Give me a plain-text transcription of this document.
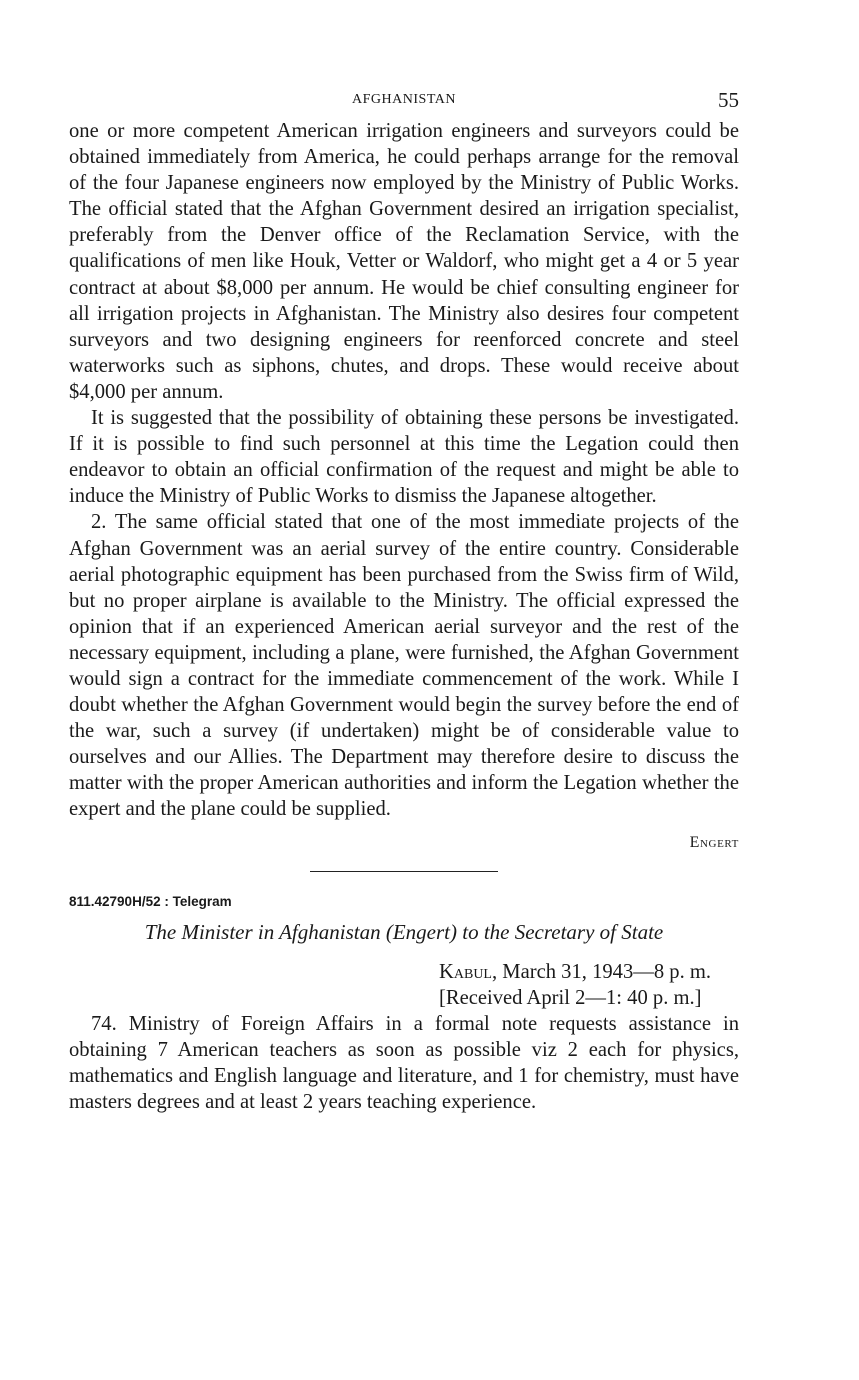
AFGHANISTAN	55

one or more competent American irrigation engineers and surveyors could be obtained immediately from America, he could perhaps arrange for the removal of the four Japanese engineers now employed by the Ministry of Public Works. The official stated that the Afghan Government desired an irrigation specialist, preferably from the Denver office of the Reclamation Service, with the qualifications of men like Houk, Vetter or Waldorf, who might get a 4 or 5 year contract at about $8,000 per annum. He would be chief consulting engineer for all irrigation projects in Afghanistan. The Ministry also desires four competent surveyors and two designing engineers for reenforced concrete and steel waterworks such as siphons, chutes, and drops. These would receive about $4,000 per annum.

It is suggested that the possibility of obtaining these persons be investigated. If it is possible to find such personnel at this time the Legation could then endeavor to obtain an official confirmation of the request and might be able to induce the Ministry of Public Works to dismiss the Japanese altogether.

2. The same official stated that one of the most immediate projects of the Afghan Government was an aerial survey of the entire country. Considerable aerial photographic equipment has been purchased from the Swiss firm of Wild, but no proper airplane is available to the Ministry. The official expressed the opinion that if an experienced American aerial surveyor and the rest of the necessary equipment, including a plane, were furnished, the Afghan Government would sign a contract for the immediate commencement of the work. While I doubt whether the Afghan Government would begin the survey before the end of the war, such a survey (if undertaken) might be of considerable value to ourselves and our Allies. The Department may therefore desire to discuss the matter with the proper American authorities and inform the Legation whether the expert and the plane could be supplied.

Engert
811.42790H/52 : Telegram
The Minister in Afghanistan (Engert) to the Secretary of State
Kabul, March 31, 1943—8 p. m.
[Received April 2—1: 40 p. m.]

74. Ministry of Foreign Affairs in a formal note requests assistance in obtaining 7 American teachers as soon as possible viz 2 each for physics, mathematics and English language and literature, and 1 for chemistry, must have masters degrees and at least 2 years teaching experience.
